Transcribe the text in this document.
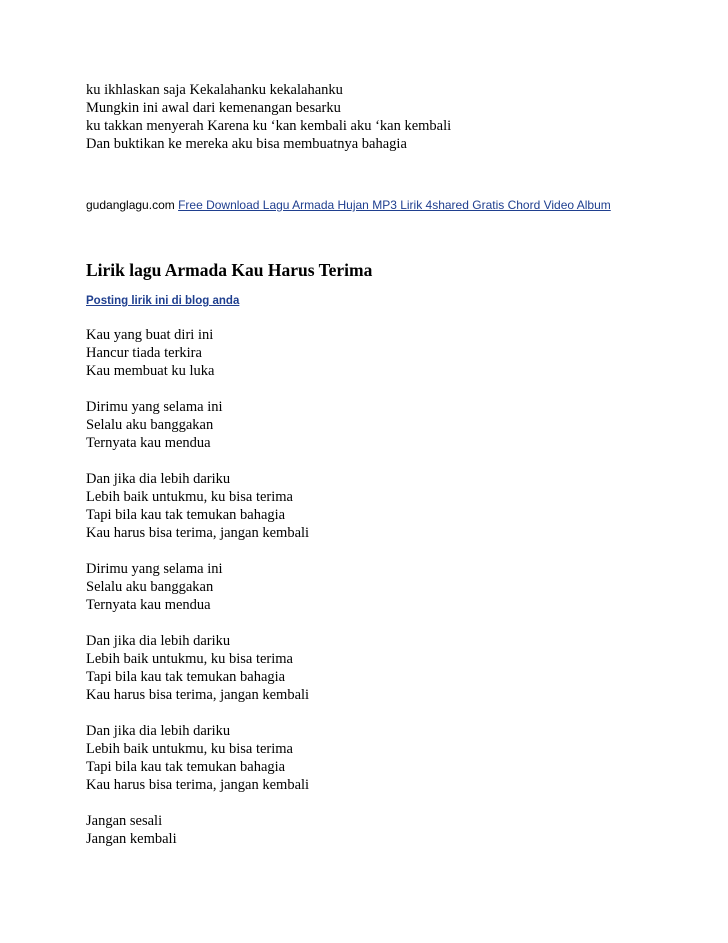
ku ikhlaskan saja Kekalahanku kekalahanku
Mungkin ini awal dari kemenangan besarku
ku takkan menyerah Karena ku ‘kan kembali aku ‘kan kembali
Dan buktikan ke mereka aku bisa membuatnya bahagia
gudanglagu.com Free Download Lagu Armada Hujan MP3 Lirik 4shared Gratis Chord Video Album
Lirik lagu Armada Kau Harus Terima
Posting lirik ini di blog anda
Kau yang buat diri ini
Hancur tiada terkira
Kau membuat ku luka
Dirimu yang selama ini
Selalu aku banggakan
Ternyata kau mendua
Dan jika dia lebih dariku
Lebih baik untukmu, ku bisa terima
Tapi bila kau tak temukan bahagia
Kau harus bisa terima, jangan kembali
Dirimu yang selama ini
Selalu aku banggakan
Ternyata kau mendua
Dan jika dia lebih dariku
Lebih baik untukmu, ku bisa terima
Tapi bila kau tak temukan bahagia
Kau harus bisa terima, jangan kembali
Dan jika dia lebih dariku
Lebih baik untukmu, ku bisa terima
Tapi bila kau tak temukan bahagia
Kau harus bisa terima, jangan kembali
Jangan sesali
Jangan kembali
